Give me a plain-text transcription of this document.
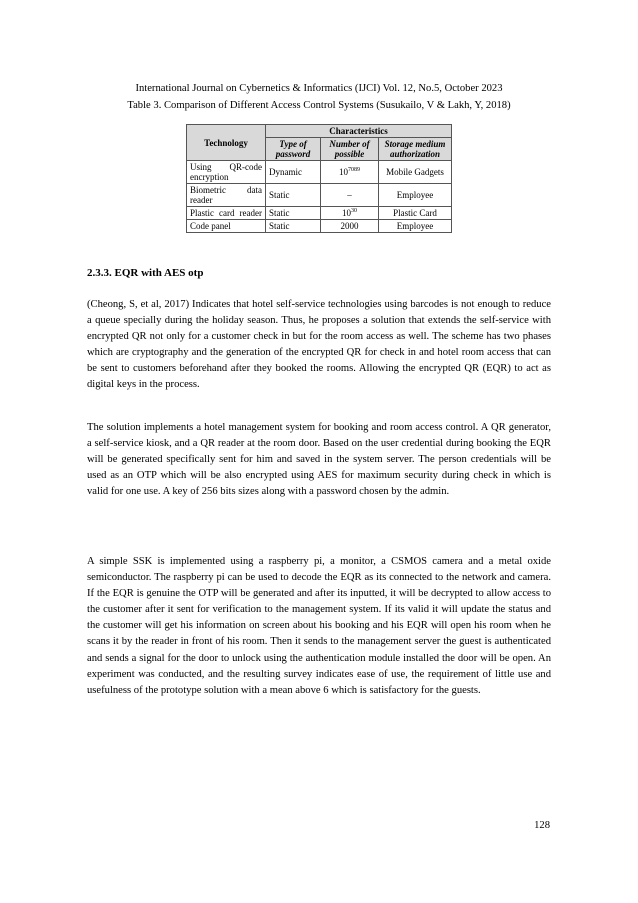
International Journal on Cybernetics & Informatics (IJCI) Vol. 12, No.5, October 2023
Table 3. Comparison of Different Access Control Systems (Susukailo, V & Lakh, Y, 2018)
Technology	Characteristics		
	Type of password	Number of possible	Storage medium authorization
Using QR-code encryption	Dynamic	$10^{7089}$	Mobile Gadgets
Biometric data reader	Static	–	Employee
Plastic card reader	Static	$10^{30}$	Plastic Card
Code panel	Static	2000	Employee
2.3.3. EQR with AES otp

(Cheong, S, et al, 2017) Indicates that hotel self-service technologies using barcodes is not enough to reduce a queue specially during the holiday season. Thus, he proposes a solution that extends the self-service with encrypted QR not only for a customer check in but for the room access as well. The scheme has two phases which are cryptography and the generation of the encrypted QR for check in and hotel room access that can be sent to customers beforehand after they booked the rooms. Allowing the encrypted QR (EQR) to act as digital keys in the process.

The solution implements a hotel management system for booking and room access control. A QR generator, a self-service kiosk, and a QR reader at the room door. Based on the user credential during booking the EQR will be generated specifically sent for him and saved in the system server. The person credentials will be used as an OTP which will be also encrypted using AES for maximum security during check in which is valid for one use. A key of 256 bits sizes along with a password chosen by the admin.

A simple SSK is implemented using a raspberry pi, a monitor, a CSMOS camera and a metal oxide semiconductor. The raspberry pi can be used to decode the EQR as its connected to the network and camera. If the EQR is genuine the OTP will be generated and after its inputted, it will be decrypted to allow access to the customer after it sent for verification to the management system. If its valid it will update the status and the customer will get his information on screen about his booking and his EQR will open his room when he scans it by the reader in front of his room. Then it sends to the management server the guest is authenticated and sends a signal for the door to unlock using the authentication module installed the door will be open. An experiment was conducted, and the resulting survey indicates ease of use, the requirement of little use and usefulness of the prototype solution with a mean above 6 which is satisfactory for the guests.

128
